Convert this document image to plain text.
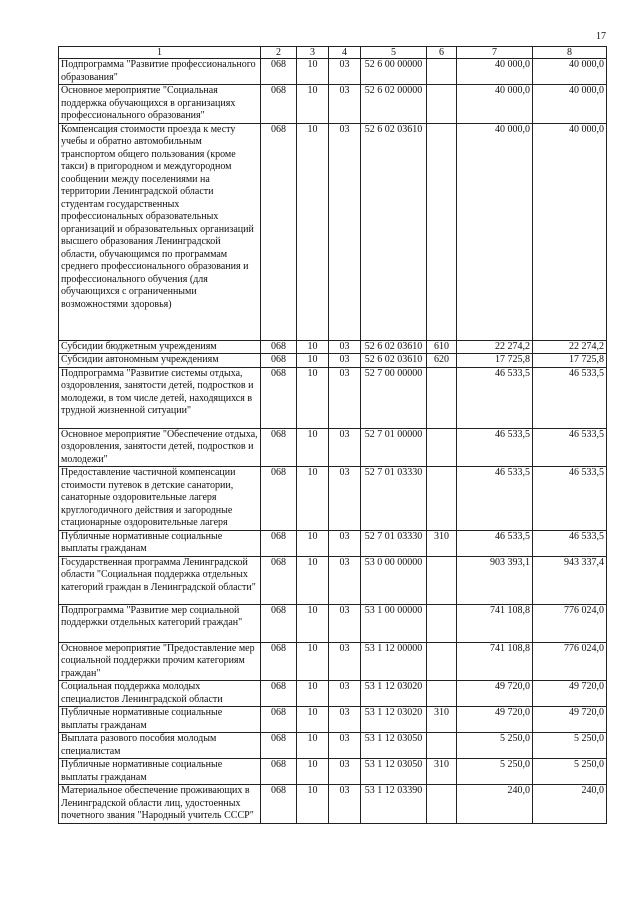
17
1	2	3	4	5	6	7	8
Подпрограмма "Развитие профессионального образования"	068	10	03	52 6 00 00000		40 000,0	40 000,0
Основное мероприятие "Социальная поддержка обучающихся в организациях профессионального образования"	068	10	03	52 6 02 00000		40 000,0	40 000,0
Компенсация стоимости проезда к месту учебы и обратно автомобильным транспортом общего пользования (кроме такси) в пригородном и междугородном сообщении между поселениями на территории Ленинградской области студентам государственных профессиональных образовательных организаций и образовательных организаций высшего образования Ленинградской области, обучающимся по программам среднего профессионального образования и профессионального обучения (для обучающихся с ограниченными возможностями здоровья)	068	10	03	52 6 02 03610		40 000,0	40 000,0
Субсидии бюджетным учреждениям	068	10	03	52 6 02 03610	610	22 274,2	22 274,2
Субсидии автономным учреждениям	068	10	03	52 6 02 03610	620	17 725,8	17 725,8
Подпрограмма "Развитие системы отдыха, оздоровления, занятости детей, подростков и молодежи, в том числе детей, находящихся в трудной жизненной ситуации"	068	10	03	52 7 00 00000		46 533,5	46 533,5
Основное мероприятие "Обеспечение отдыха, оздоровления, занятости детей, подростков и молодежи"	068	10	03	52 7 01 00000		46 533,5	46 533,5
Предоставление частичной компенсации стоимости путевок в детские санатории, санаторные оздоровительные лагеря круглогодичного действия и загородные стационарные оздоровительные лагеря	068	10	03	52 7 01 03330		46 533,5	46 533,5
Публичные нормативные социальные выплаты гражданам	068	10	03	52 7 01 03330	310	46 533,5	46 533,5
Государственная программа Ленинградской области "Социальная поддержка отдельных категорий граждан в Ленинградской области"	068	10	03	53 0 00 00000		903 393,1	943 337,4
Подпрограмма "Развитие мер социальной поддержки отдельных категорий граждан"	068	10	03	53 1 00 00000		741 108,8	776 024,0
Основное мероприятие "Предоставление мер социальной поддержки прочим категориям граждан"	068	10	03	53 1 12 00000		741 108,8	776 024,0
Социальная поддержка молодых специалистов Ленинградской области	068	10	03	53 1 12 03020		49 720,0	49 720,0
Публичные нормативные социальные выплаты гражданам	068	10	03	53 1 12 03020	310	49 720,0	49 720,0
Выплата разового пособия молодым специалистам	068	10	03	53 1 12 03050		5 250,0	5 250,0
Публичные нормативные социальные выплаты гражданам	068	10	03	53 1 12 03050	310	5 250,0	5 250,0
Материальное обеспечение проживающих в Ленинградской области лиц, удостоенных почетного звания "Народный учитель СССР"	068	10	03	53 1 12 03390		240,0	240,0
